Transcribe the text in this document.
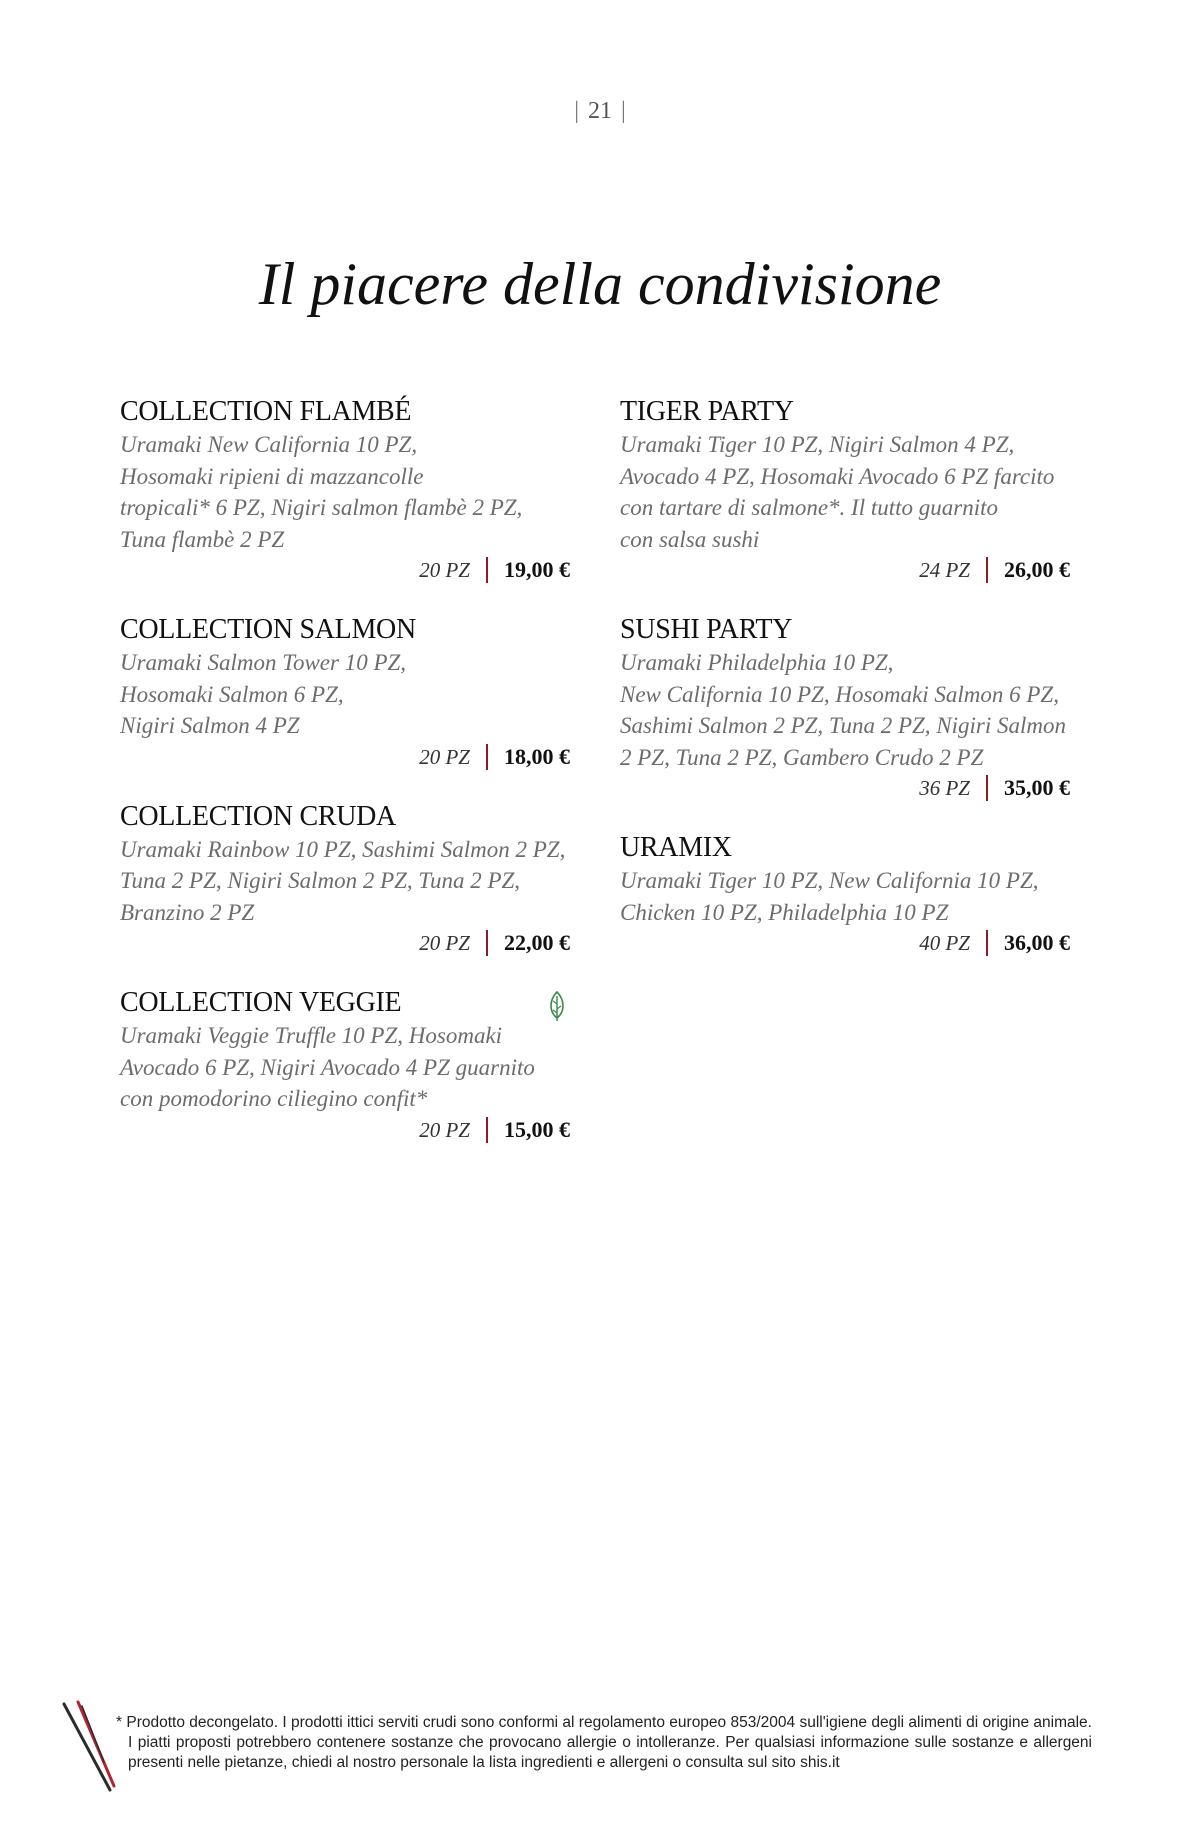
| 21 |
Il piacere della condivisione
COLLECTION FLAMBÉ
Uramaki New California 10 PZ,
Hosomaki ripieni di mazzancolle
tropicali* 6 PZ, Nigiri salmon flambè 2 PZ,
Tuna flambè 2 PZ
20 PZ 19,00 €
COLLECTION SALMON
Uramaki Salmon Tower 10 PZ,
Hosomaki Salmon 6 PZ,
Nigiri Salmon 4 PZ
20 PZ 18,00 €
COLLECTION CRUDA
Uramaki Rainbow 10 PZ, Sashimi Salmon 2 PZ,
Tuna 2 PZ, Nigiri Salmon 2 PZ, Tuna 2 PZ,
Branzino 2 PZ
20 PZ 22,00 €
COLLECTION VEGGIE
Uramaki Veggie Truffle 10 PZ, Hosomaki
Avocado 6 PZ, Nigiri Avocado 4 PZ guarnito
con pomodorino ciliegino confit*
20 PZ 15,00 €
TIGER PARTY
Uramaki Tiger 10 PZ, Nigiri Salmon 4 PZ,
Avocado 4 PZ, Hosomaki Avocado 6 PZ farcito
con tartare di salmone*. Il tutto guarnito
con salsa sushi
24 PZ 26,00 €
SUSHI PARTY
Uramaki Philadelphia 10 PZ,
New California 10 PZ, Hosomaki Salmon 6 PZ,
Sashimi Salmon 2 PZ, Tuna 2 PZ, Nigiri Salmon
2 PZ, Tuna 2 PZ, Gambero Crudo 2 PZ
36 PZ 35,00 €
URAMIX
Uramaki Tiger 10 PZ, New California 10 PZ,
Chicken 10 PZ, Philadelphia 10 PZ
40 PZ 36,00 €
* Prodotto decongelato. I prodotti ittici serviti crudi sono conformi al regolamento europeo 853/2004 sull'igiene degli alimenti di origine animale. I piatti proposti potrebbero contenere sostanze che provocano allergie o intolleranze. Per qualsiasi informazione sulle sostanze e allergeni presenti nelle pietanze, chiedi al nostro personale la lista ingredienti e allergeni o consulta sul sito shis.it
